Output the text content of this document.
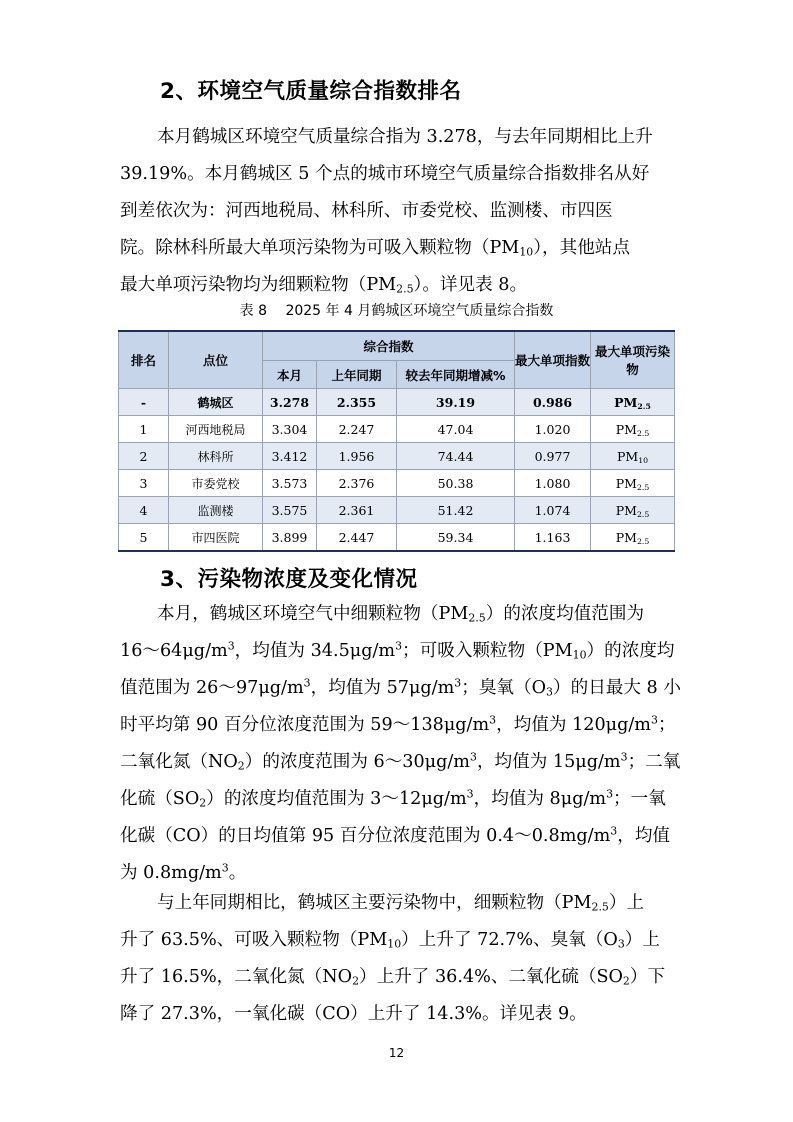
2、环境空气质量综合指数排名
本月鹤城区环境空气质量综合指为 3.278，与去年同期相比上升
39.19%。本月鹤城区 5 个点的城市环境空气质量综合指数排名从好
到差依次为：河西地税局、林科所、市委党校、监测楼、市四医
院。除林科所最大单项污染物为可吸入颗粒物$(PM_{10})$，其他站点
最大单项污染物均为细颗粒物$(PM_{2.5})$。详见表 8。
表 8　 2025 年 4 月鹤城区环境空气质量综合指数
排名	点位	综合指数			最大单项指数	最大单项污染物
		本月	上年同期	较去年同期增减%		
-	鹤城区	3.278	2.355	39.19	0.986	$PM_{2.5}$
1	河西地税局	3.304	2.247	47.04	1.020	$PM_{2.5}$
2	林科所	3.412	1.956	74.44	0.977	$PM_{10}$
3	市委党校	3.573	2.376	50.38	1.080	$PM_{2.5}$
4	监测楼	3.575	2.361	51.42	1.074	$PM_{2.5}$
5	市四医院	3.899	2.447	59.34	1.163	$PM_{2.5}$
3、污染物浓度及变化情况
本月，鹤城区环境空气中细颗粒物$(PM_{2.5})$的浓度均值范围为
$16\sim 64\mu g/m^3$，均值为 $34.5\mu g/m^3$；可吸入颗粒物$(PM_{10})$的浓度均
值范围为 $26\sim 97\mu g/m^3$，均值为 $57\mu g/m^3$；臭氧$(O_3)$的日最大 8 小
时平均第 90 百分位浓度范围为 $59\sim 138\mu g/m^3$，均值为 $120\mu g/m^3$；
二氧化氮$(NO_2)$的浓度范围为 $6\sim 30\mu g/m^3$，均值为 $15\mu g/m^3$；二氧
化硫$(SO_2)$的浓度均值范围为 $3\sim 12\mu g/m^3$，均值为 $8\mu g/m^3$；一氧
化碳（CO）的日均值第 95 百分位浓度范围为 $0.4\sim 0.8mg/m^3$，均值
为 $0.8mg/m^3$。
与上年同期相比，鹤城区主要污染物中，细颗粒物$(PM_{2.5})$上
升了 63.5%、可吸入颗粒物$(PM_{10})$上升了 72.7%、臭氧$(O_3)$上
升了 16.5%，二氧化氮$(NO_2)$上升了 36.4%、二氧化硫$(SO_2)$下
降了 27.3%，一氧化碳（CO）上升了 14.3%。详见表 9。
12
